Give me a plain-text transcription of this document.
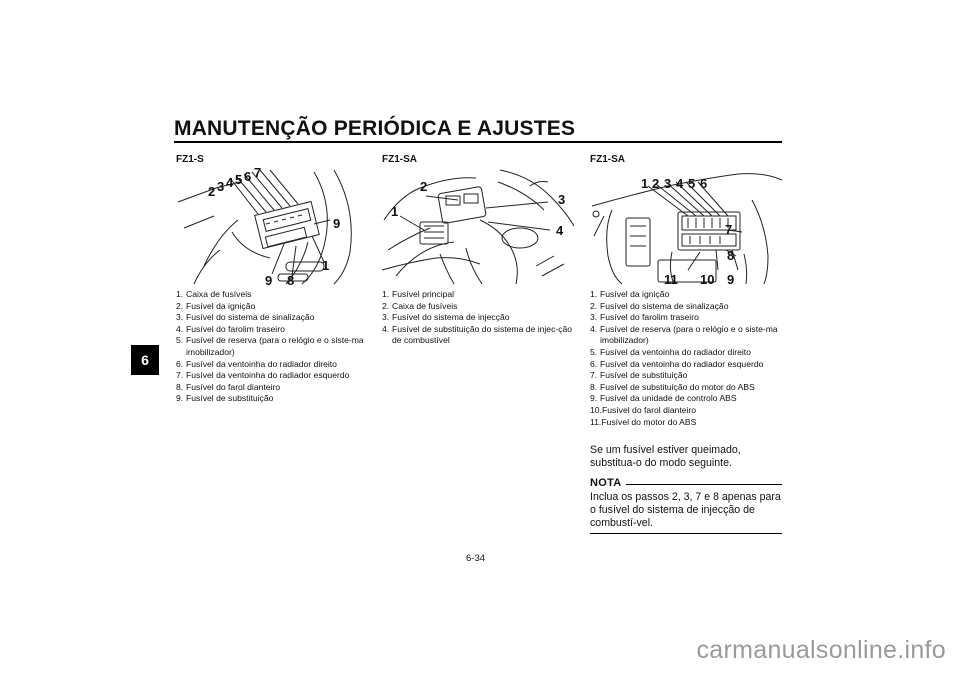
MANUTENÇÃO PERIÓDICA E AJUSTES
6
FZ1-S
2 3 4 5 6 7
9
9 8
1
1. Caixa de fusíveis
2. Fusível da ignição
3. Fusível do sistema de sinalização
4. Fusível do farolim traseiro
5. Fusível de reserva (para o relógio e o siste-ma imobilizador)
6. Fusível da ventoinha do radiador direito
7. Fusível da ventoinha do radiador esquerdo
8. Fusível do farol dianteiro
9. Fusível de substituição
FZ1-SA
2
1
3
4
1. Fusível principal
2. Caixa de fusíveis
3. Fusível do sistema de injecção
4. Fusível de substituição do sistema de injec-ção de combustível
FZ1-SA
1 2 3 4 5 6
7
8
11 10 9
1. Fusível da ignição
2. Fusível do sistema de sinalização
3. Fusível do farolim traseiro
4. Fusível de reserva (para o relógio e o siste-ma imobilizador)
5. Fusível da ventoinha do radiador direito
6. Fusível da ventoinha do radiador esquerdo
7. Fusível de substituição
8. Fusível de substituição do motor do ABS
9. Fusível da unidade de controlo ABS
10. Fusível do farol dianteiro
11. Fusível do motor do ABS
Se um fusível estiver queimado, substitua-o do modo seguinte.
NOTA
Inclua os passos 2, 3, 7 e 8 apenas para o fusível do sistema de injecção de combustí-vel.
6-34
carmanualsonline.info
